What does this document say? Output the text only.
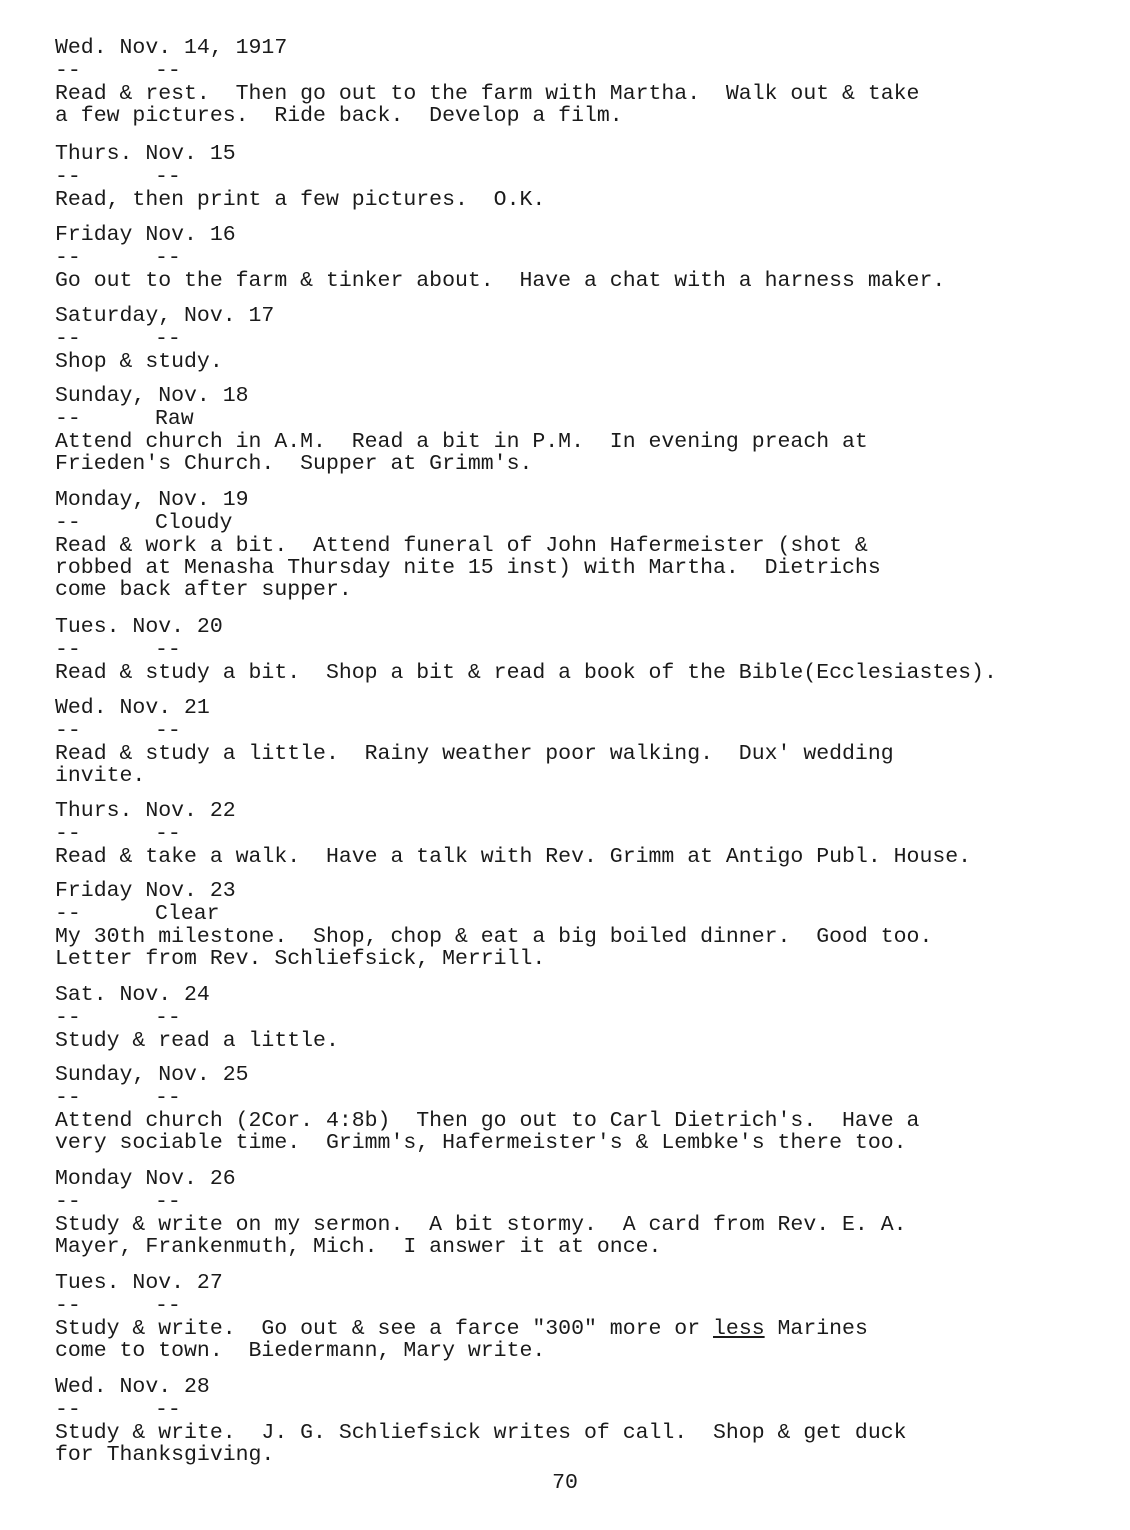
Wed. Nov. 14, 1917
--	--
Read & rest.  Then go out to the farm with Martha.  Walk out & take
a few pictures.  Ride back.  Develop a film.
Thurs. Nov. 15
--	--
Read, then print a few pictures.  O.K.
Friday Nov. 16
--	--
Go out to the farm & tinker about.  Have a chat with a harness maker.
Saturday, Nov. 17
--	--
Shop & study.
Sunday, Nov. 18
--	Raw
Attend church in A.M.  Read a bit in P.M.  In evening preach at
Frieden's Church.  Supper at Grimm's.
Monday, Nov. 19
--	Cloudy
Read & work a bit.  Attend funeral of John Hafermeister (shot &
robbed at Menasha Thursday nite 15 inst) with Martha.  Dietrichs
come back after supper.
Tues. Nov. 20
--	--
Read & study a bit.  Shop a bit & read a book of the Bible(Ecclesiastes).
Wed. Nov. 21
--	--
Read & study a little.  Rainy weather poor walking.  Dux' wedding
invite.
Thurs. Nov. 22
--	--
Read & take a walk.  Have a talk with Rev. Grimm at Antigo Publ. House.
Friday Nov. 23
--	Clear
My 30th milestone.  Shop, chop & eat a big boiled dinner.  Good too.
Letter from Rev. Schliefsick, Merrill.
Sat. Nov. 24
--	--
Study & read a little.
Sunday, Nov. 25
--	--
Attend church (2Cor. 4:8b)  Then go out to Carl Dietrich's.  Have a
very sociable time.  Grimm's, Hafermeister's & Lembke's there too.
Monday Nov. 26
--	--
Study & write on my sermon.  A bit stormy.  A card from Rev. E. A.
Mayer, Frankenmuth, Mich.  I answer it at once.
Tues. Nov. 27
--	--
Study & write.  Go out & see a farce "300" more or less Marines
come to town.  Biedermann, Mary write.
Wed. Nov. 28
--	--
Study & write.  J. G. Schliefsick writes of call.  Shop & get duck
for Thanksgiving.
70
